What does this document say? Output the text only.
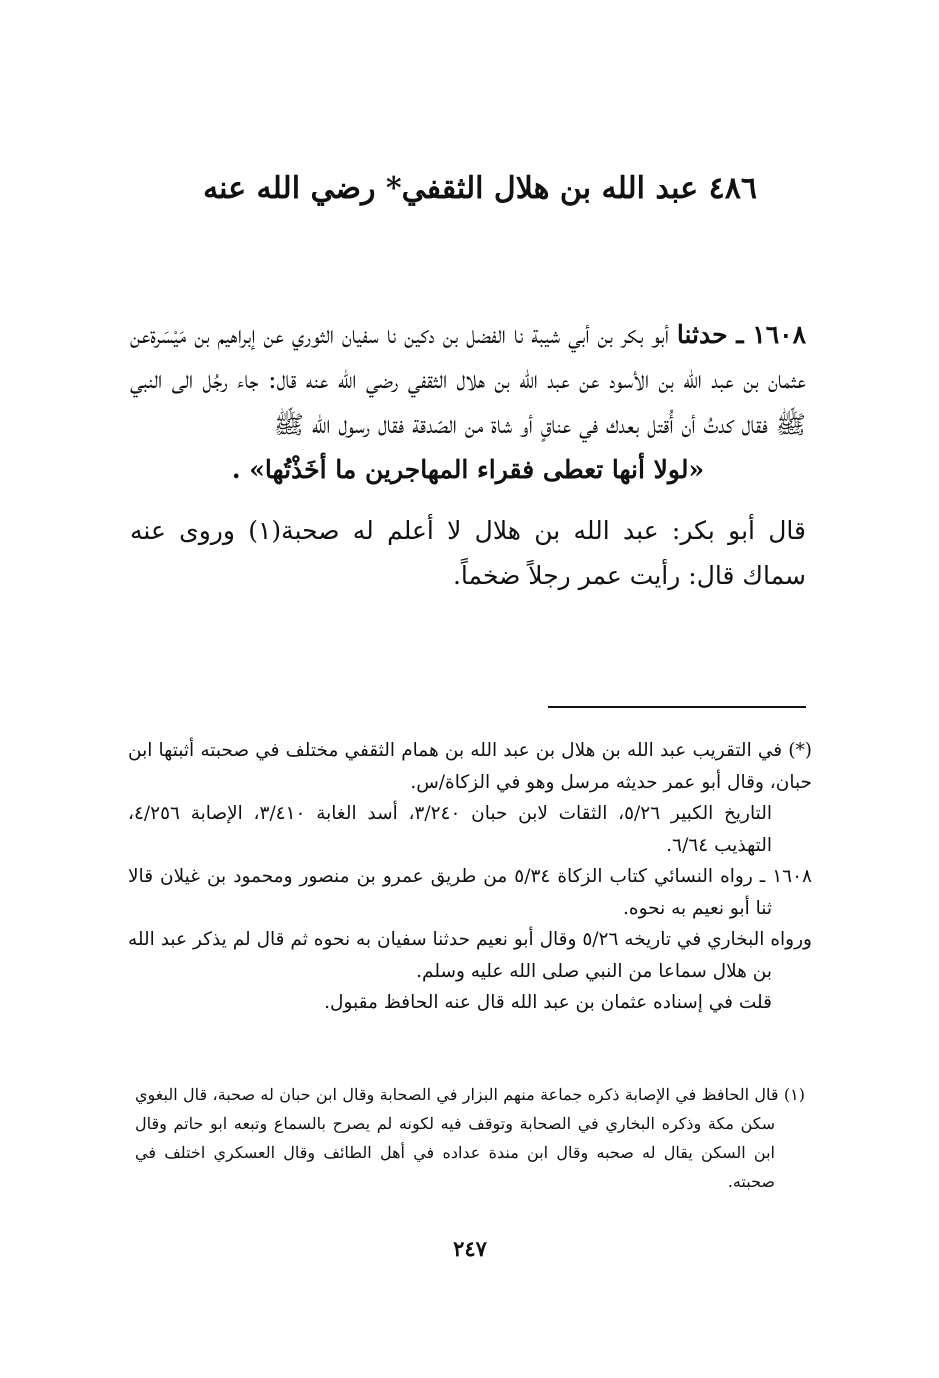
٤٨٦ عبد الله بن هلال الثقفي* رضي الله عنه

١٦٠٨ ـ حدثنا أبو بكر بن أبي شيبة نا الفضل بن دكين نا سفيان الثوري عن إبراهيم بن مَيْسَرةعن عثمان بن عبد الله بن الأسود عن عبد الله بن هلال الثقفي رضي الله عنه قال: جاء رجُل الى النبي ﷺ فقال كدتُ أن أُقتل بعدك في عناقٍ أو شاة من الصّدقة فقال رسول الله ﷺ

«لولا أنها تعطى فقراء المهاجرين ما أخَذْتُها» .

قال أبو بكر: عبد الله بن هلال لا أعلم له صحبة(١) وروى عنه سماك قال: رأيت عمر رجلاً ضخماً.

(*) في التقريب عبد الله بن هلال بن عبد الله بن همام الثقفي مختلف في صحبته أثبتها ابن حبان، وقال أبو عمر حديثه مرسل وهو في الزكاة/س.

التاريخ الكبير ٥/٢٦، الثقات لابن حبان ٣/٢٤٠، أسد الغابة ٣/٤١٠، الإصابة ٤/٢٥٦، التهذيب ٦/٦٤.

١٦٠٨ ـ رواه النسائي كتاب الزكاة ٥/٣٤ من طريق عمرو بن منصور ومحمود بن غيلان قالا ثنا أبو نعيم به نحوه.

ورواه البخاري في تاريخه ٥/٢٦ وقال أبو نعيم حدثنا سفيان به نحوه ثم قال لم يذكر عبد الله بن هلال سماعا من النبي صلى الله عليه وسلم.

قلت في إسناده عثمان بن عبد الله قال عنه الحافظ مقبول.

(١) قال الحافظ في الإصابة ذكره جماعة منهم البزار في الصحابة وقال ابن حبان له صحبة، قال البغوي سكن مكة وذكره البخاري في الصحابة وتوقف فيه لكونه لم يصرح بالسماع وتبعه ابو حاتم وقال ابن السكن يقال له صحبه وقال ابن مندة عداده في أهل الطائف وقال العسكري اختلف في صحبته.

٢٤٧
